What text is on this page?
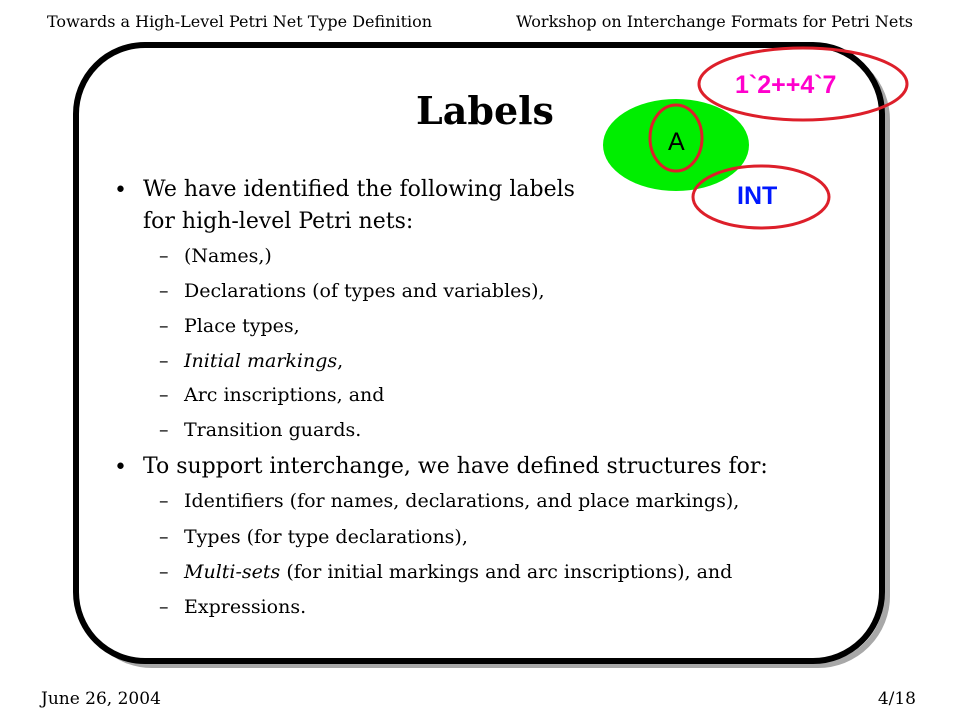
Towards a High-Level Petri Net Type Definition	Workshop on Interchange Formats for Petri Nets
Labels
• We have identified the following labels
for high-level Petri nets:
– (Names,)
– Declarations (of types and variables),
– Place types,
– Initial markings,
– Arc inscriptions, and
– Transition guards.
• To support interchange, we have defined structures for:
– Identifiers (for names, declarations, and place markings),
– Types (for type declarations),
– Multi-sets (for initial markings and arc inscriptions), and
– Expressions.
A
INT
1`2++4`7
June 26, 2004	4/18
